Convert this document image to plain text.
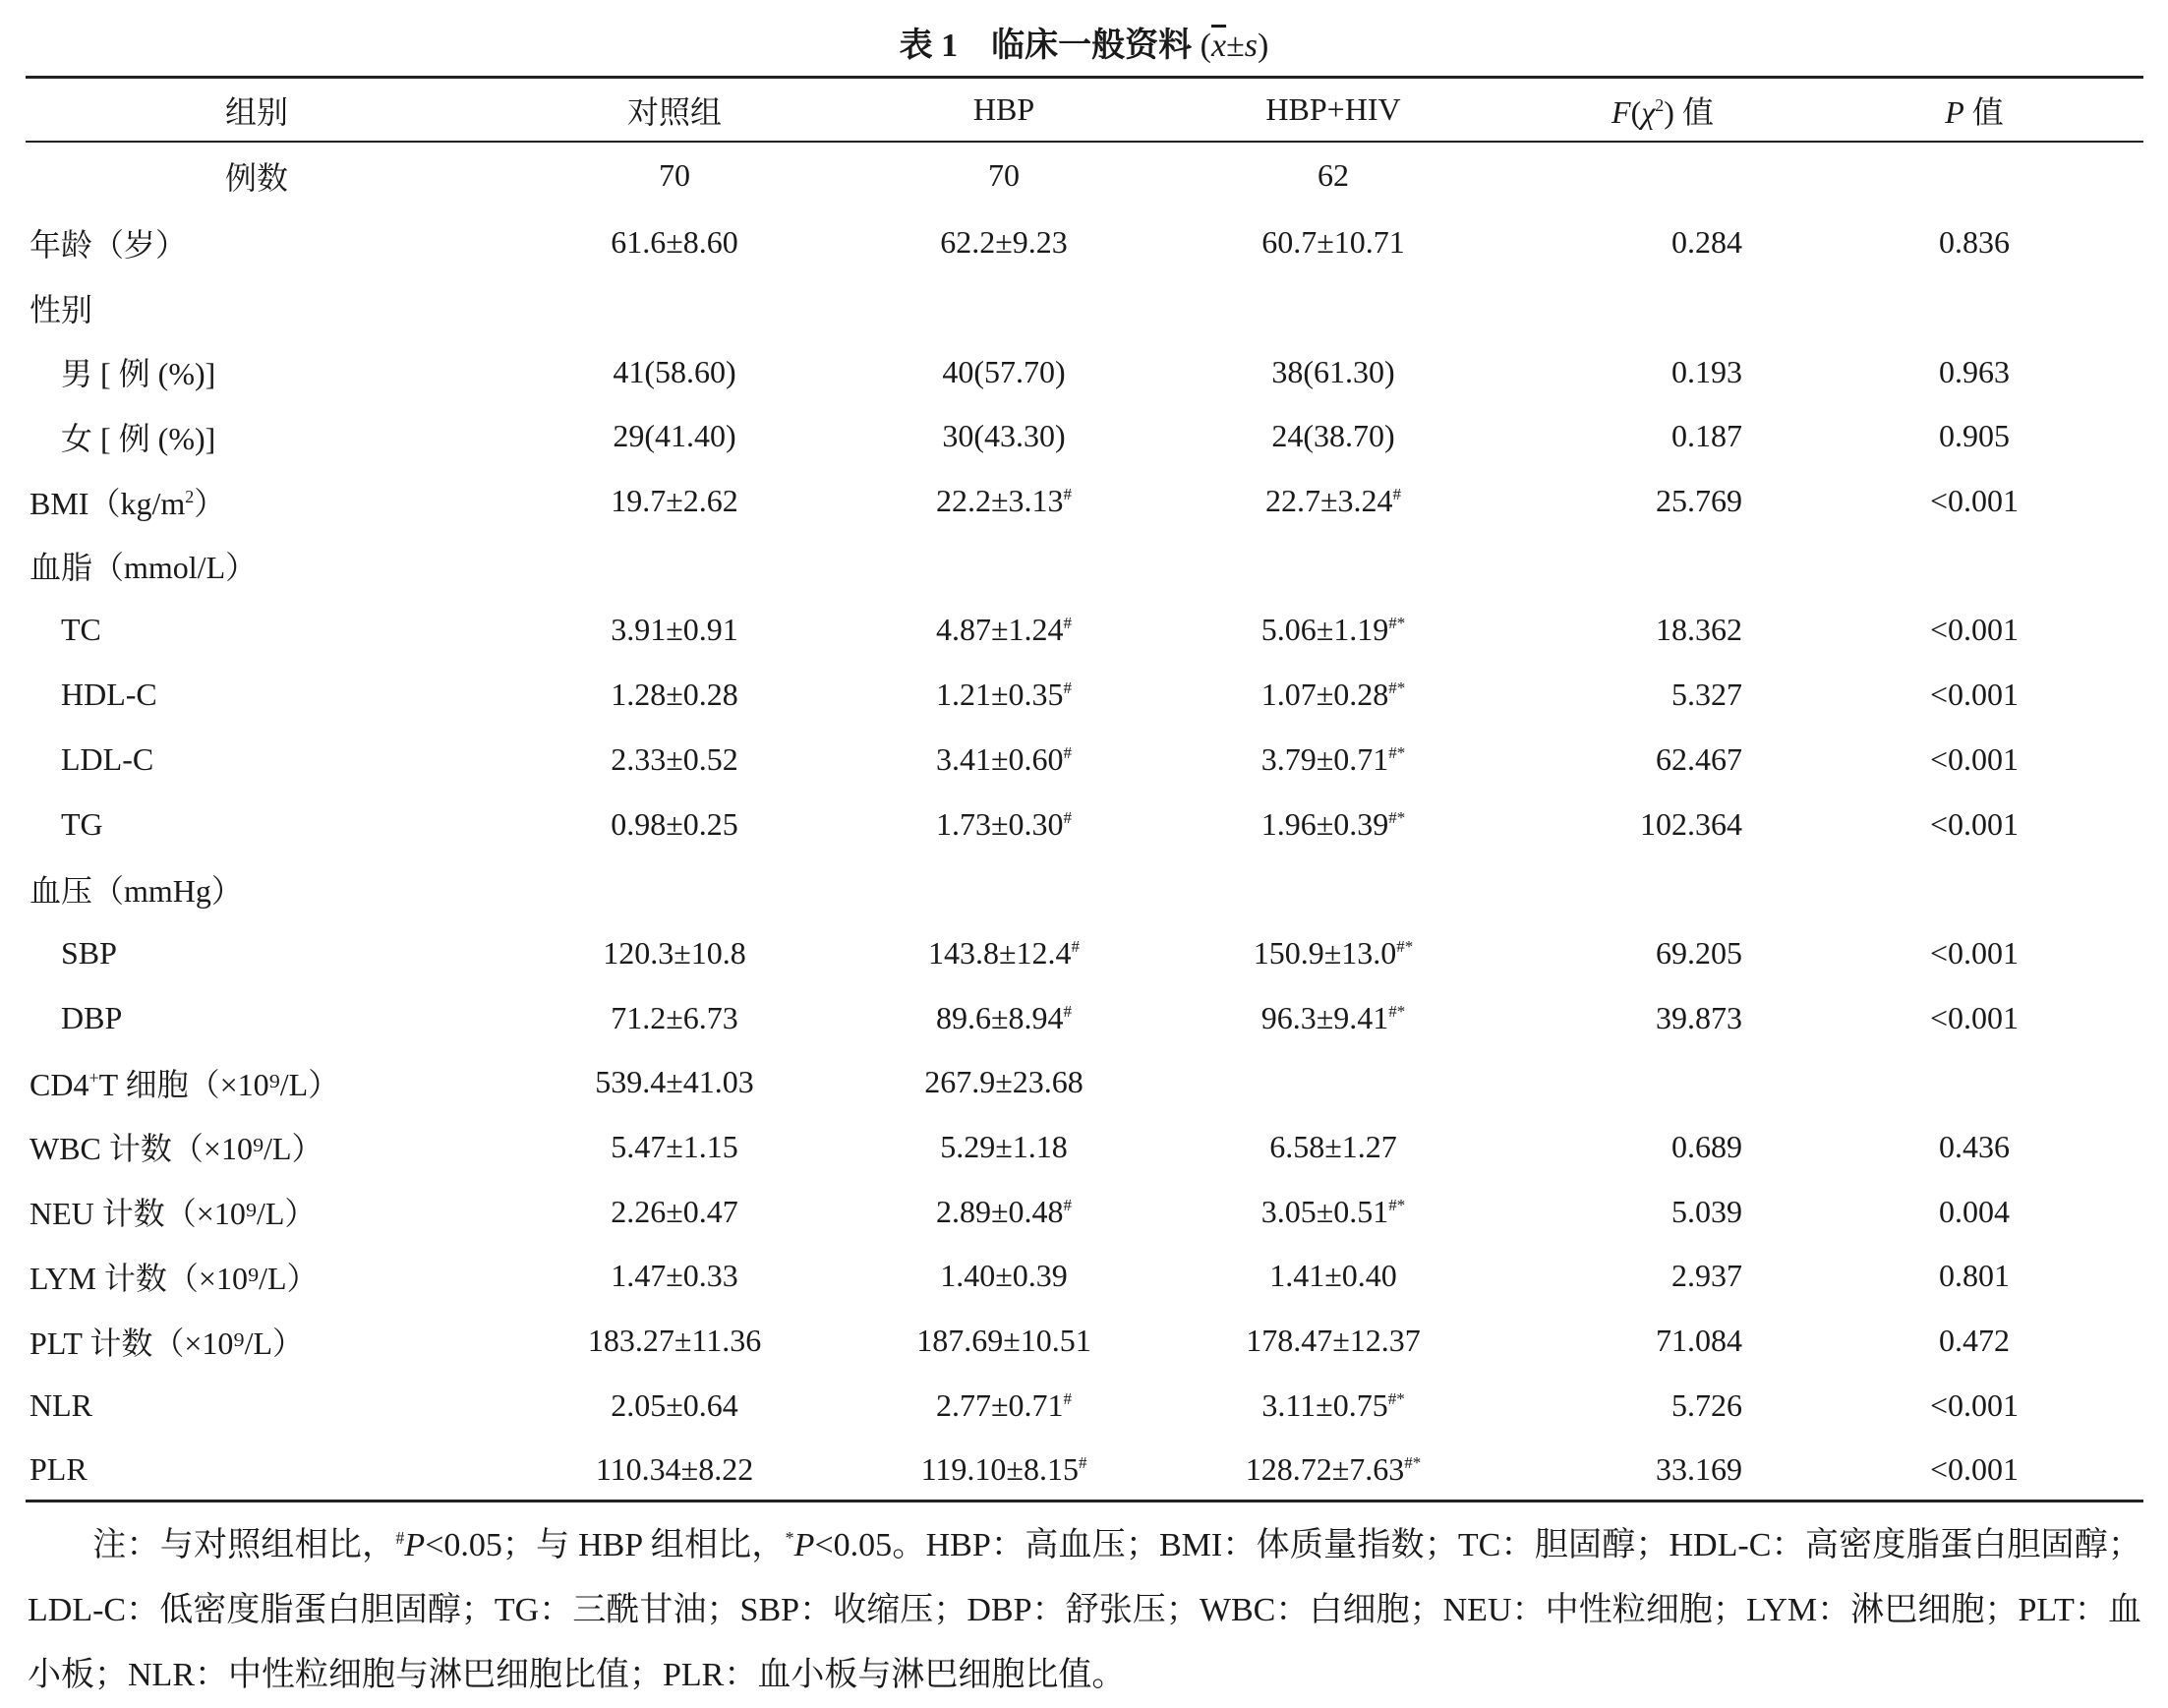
表 1 临床一般资料 $(\overline{x}\pm s)$
组别	对照组	HBP	HBP+HIV	$F(\chi^2)$ 值	P 值
例数	70	70	62		
年龄（岁）	61.6±8.60	62.2±9.23	60.7±10.71	0.284	0.836
性别					
男 [ 例 (%)]	41(58.60)	40(57.70)	38(61.30)	0.193	0.963
女 [ 例 (%)]	29(41.40)	30(43.30)	24(38.70)	0.187	0.905
$BMI(kg/m^2)$	19.7±2.62	22.2±3.13#	22.7±3.24#	25.769	<0.001
血脂（mmol/L）					
TC	3.91±0.91	4.87±1.24#	5.06±1.19#*	18.362	<0.001
HDL-C	1.28±0.28	1.21±0.35#	1.07±0.28#*	5.327	<0.001
LDL-C	2.33±0.52	3.41±0.60#	3.79±0.71#*	62.467	<0.001
TG	0.98±0.25	1.73±0.30#	1.96±0.39#*	102.364	<0.001
血压（mmHg）					
SBP	120.3±10.8	143.8±12.4#	150.9±13.0#*	69.205	<0.001
DBP	71.2±6.73	89.6±8.94#	96.3±9.41#*	39.873	<0.001
CD4+T 细胞（×10⁹/L）	539.4±41.03	267.9±23.68			
WBC 计数（×10⁹/L）	5.47±1.15	5.29±1.18	6.58±1.27	0.689	0.436
NEU 计数（×10⁹/L）	2.26±0.47	2.89±0.48#	3.05±0.51#*	5.039	0.004
LYM 计数（×10⁹/L）	1.47±0.33	1.40±0.39	1.41±0.40	2.937	0.801
PLT 计数（×10⁹/L）	183.27±11.36	187.69±10.51	178.47±12.37	71.084	0.472
NLR	2.05±0.64	2.77±0.71#	3.11±0.75#*	5.726	<0.001
PLR	110.34±8.22	119.10±8.15#	128.72±7.63#*	33.169	<0.001
注：与对照组相比，#P<0.05；与 HBP 组相比，*P<0.05。HBP：高血压；BMI：体质量指数；TC：胆固醇；HDL-C：高密度脂蛋白胆固醇；LDL-C：低密度脂蛋白胆固醇；TG：三酰甘油；SBP：收缩压；DBP：舒张压；WBC：白细胞；NEU：中性粒细胞；LYM：淋巴细胞；PLT：血小板；NLR：中性粒细胞与淋巴细胞比值；PLR：血小板与淋巴细胞比值。
